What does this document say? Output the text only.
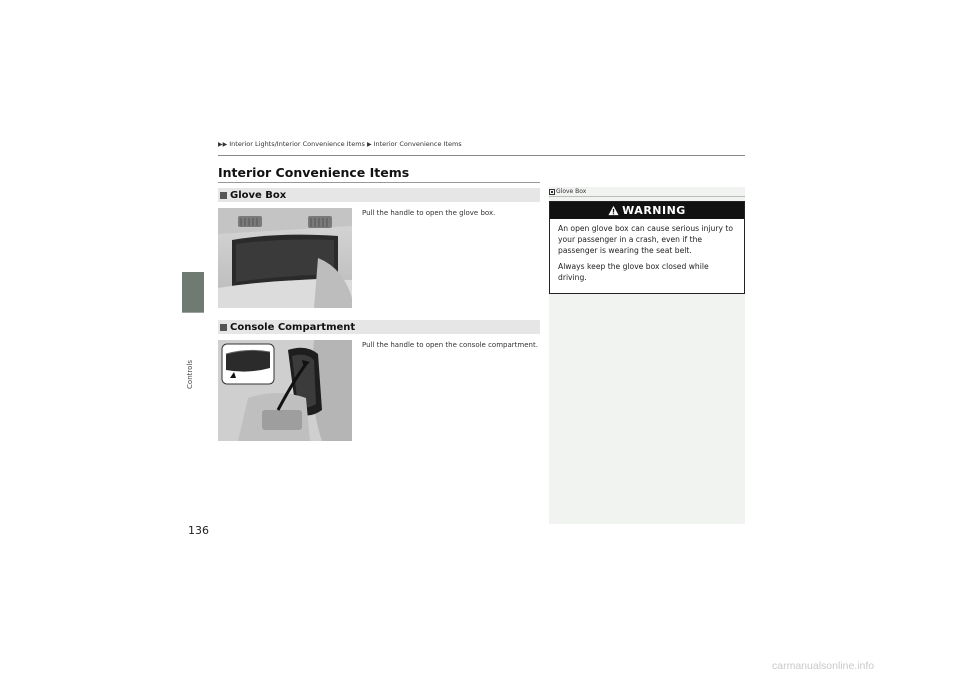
Controls
136
▶▶ Interior Lights/Interior Convenience Items ▶ Interior Convenience Items
Interior Convenience Items
Glove Box
Pull the handle to open the glove box.
Console Compartment
Pull the handle to open the console compartment.
Glove Box
WARNING

An open glove box can cause serious injury to your passenger in a crash, even if the passenger is wearing the seat belt.

Always keep the glove box closed while driving.

carmanualsonline.info
